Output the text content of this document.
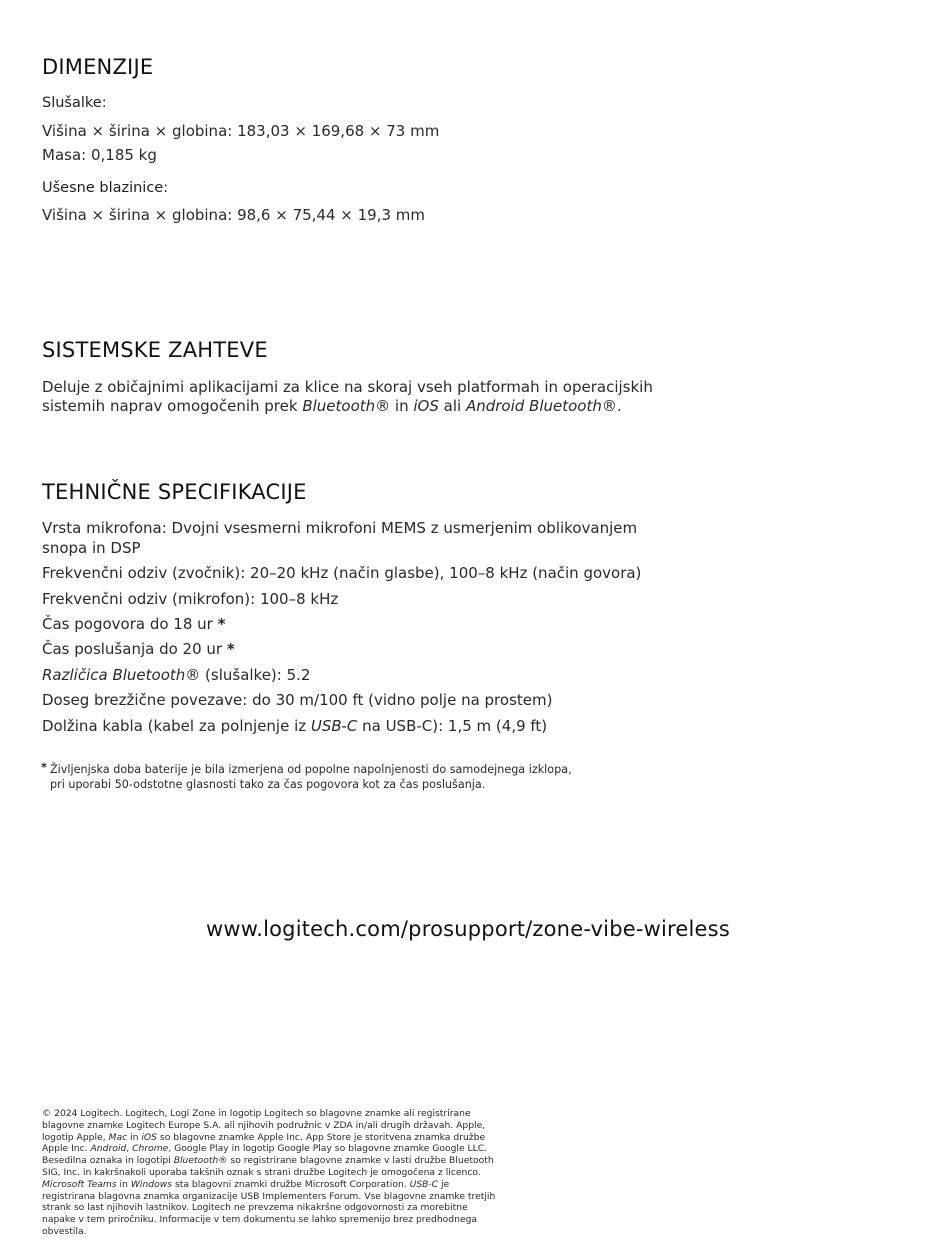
DIMENZIJE

Slušalke:

Višina × širina × globina: 183,03 × 169,68 × 73 mm

Masa: 0,185 kg

Ušesne blazinice:

Višina × širina × globina: 98,6 × 75,44 × 19,3 mm

SISTEMSKE ZAHTEVE

Deluje z običajnimi aplikacijami za klice na skoraj vseh platformah in operacijskih

sistemih naprav omogočenih prek Bluetooth® in iOS ali Android Bluetooth®.

TEHNIČNE SPECIFIKACIJE

Vrsta mikrofona: Dvojni vsesmerni mikrofoni MEMS z usmerjenim oblikovanjem

snopa in DSP

Frekvenčni odziv (zvočnik): 20–20 kHz (način glasbe), 100–8 kHz (način govora)

Frekvenčni odziv (mikrofon): 100–8 kHz

Čas pogovora do 18 ur *

Čas poslušanja do 20 ur *

Različica Bluetooth® (slušalke): 5.2

Doseg brezžične povezave: do 30 m/100 ft (vidno polje na prostem)

Dolžina kabla (kabel za polnjenje iz USB-C na USB-C): 1,5 m (4,9 ft)

* Življenjska doba baterije je bila izmerjena od popolne napolnjenosti do samodejnega izklopa,
pri uporabi 50-odstotne glasnosti tako za čas pogovora kot za čas poslušanja.
www.logitech.com/prosupport/zone-vibe-wireless
© 2024 Logitech. Logitech, Logi Zone in logotip Logitech so blagovne znamke ali registrirane blagovne znamke Logitech Europe S.A. ali njihovih podružnic v ZDA in/ali drugih državah. Apple, logotip Apple, Mac in iOS so blagovne znamke Apple Inc. App Store je storitvena znamka družbe Apple Inc. Android, Chrome, Google Play in logotip Google Play so blagovne znamke Google LLC. Besedilna oznaka in logotipi Bluetooth® so registrirane blagovne znamke v lasti družbe Bluetooth SIG, Inc. in kakršnakoli uporaba takšnih oznak s strani družbe Logitech je omogočena z licenco. Microsoft Teams in Windows sta blagovni znamki družbe Microsoft Corporation. USB-C je registrirana blagovna znamka organizacije USB Implementers Forum. Vse blagovne znamke tretjih strank so last njihovih lastnikov. Logitech ne prevzema nikakršne odgovornosti za morebitne napake v tem priročniku. Informacije v tem dokumentu se lahko spremenijo brez predhodnega obvestila.
